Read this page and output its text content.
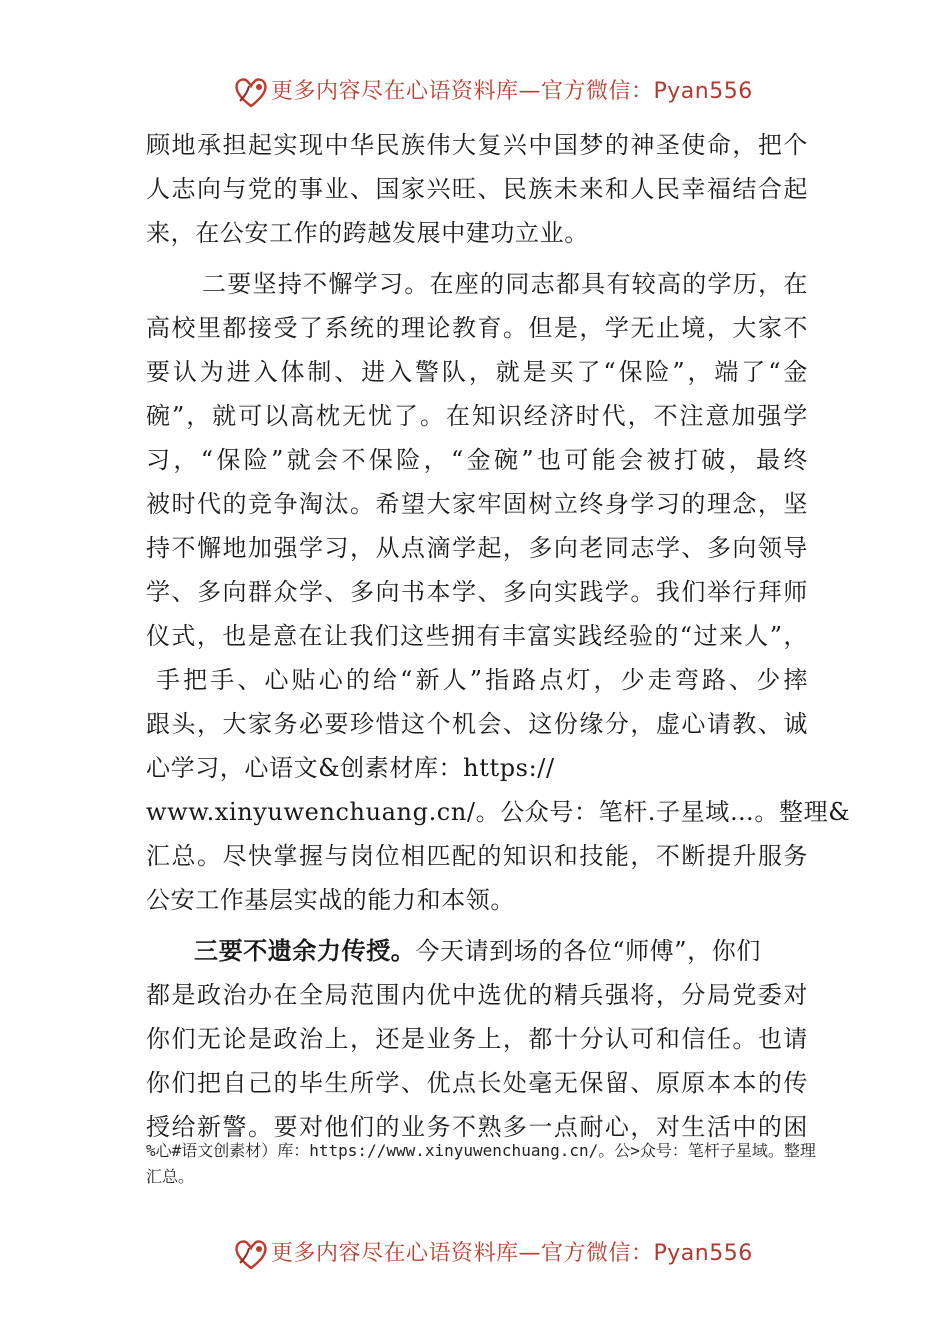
更多内容尽在心语资料库—官方微信：Pyan556
顾地承担起实现中华民族伟大复兴中国梦的神圣使命，把个
人志向与党的事业、国家兴旺、民族未来和人民幸福结合起
来，在公安工作的跨越发展中建功立业。
二要坚持不懈学习。在座的同志都具有较高的学历，在
高校里都接受了系统的理论教育。但是，学无止境，大家不
要认为进入体制、进入警队，就是买了“保险”，端了“金
碗”，就可以高枕无忧了。在知识经济时代，不注意加强学
习，“保险”就会不保险，“金碗”也可能会被打破，最终
被时代的竞争淘汰。希望大家牢固树立终身学习的理念，坚
持不懈地加强学习，从点滴学起，多向老同志学、多向领导
学、多向群众学、多向书本学、多向实践学。我们举行拜师
仪式，也是意在让我们这些拥有丰富实践经验的“过来人”，
手把手、心贴心的给“新人”指路点灯，少走弯路、少摔
跟头，大家务必要珍惜这个机会、这份缘分，虚心请教、诚
心学习，心语文&创素材库：https://
www.xinyuwenchuang.cn/。公众号：笔杆.子星域…。整理&
汇总。尽快掌握与岗位相匹配的知识和技能，不断提升服务
公安工作基层实战的能力和本领。
三要不遗余力传授。今天请到场的各位“师傅”，你们
都是政治办在全局范围内优中选优的精兵强将，分局党委对
你们无论是政治上，还是业务上，都十分认可和信任。也请
你们把自己的毕生所学、优点长处毫无保留、原原本本的传
授给新警。要对他们的业务不熟多一点耐心，对生活中的困
%心#语文创素材）库：https://www.xinyuwenchuang.cn/。公>众号：笔杆子星域。整理
汇总。
更多内容尽在心语资料库—官方微信：Pyan556
